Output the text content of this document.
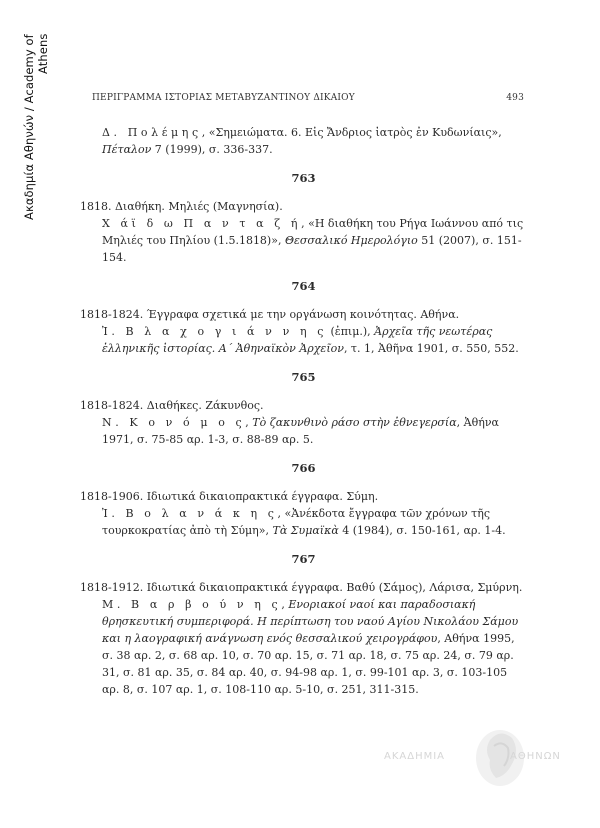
Ακαδημία Αθηνών / Academy of Athens
ΠΕΡΙΓΡΑΜΜΑ ΙΣΤΟΡΙΑΣ ΜΕΤΑΒΥΖΑΝΤΙΝΟΥ ΔΙΚΑΙΟΥ	493
Δ. Πολέμης, «Σημειώματα. 6. Εἰς Ἄνδριος ἰατρὸς ἐν Κυδωνίαις», Πέταλον 7 (1999), σ. 336-337.
763
1818. Διαθήκη. Μηλιές (Μαγνησία).
Χ άϊ δ ω Π α ν τ α ζ ή, «Η διαθήκη του Ρήγα Ιωάννου από τις Μηλιές του Πηλίου (1.5.1818)», Θεσσαλικό Ημερολόγιο 51 (2007), σ. 151-154.
764
1818-1824. Έγγραφα σχετικά με την οργάνωση κοινότητας. Αθήνα.
Ἰ. Β λ α χ ο γ ι ά ν ν η ς (ἐπιμ.), Ἀρχεῖα τῆς νεωτέρας ἑλληνικῆς ἱστορίας. Α΄ Ἀθηναϊκὸν Ἀρχεῖον, τ. 1, Ἀθῆνα 1901, σ. 550, 552.
765
1818-1824. Διαθήκες. Ζάκυνθος.
Ν. Κ ο ν ό μ ο ς, Τὸ ζακυνθινὸ ράσο στὴν ἐθνεγερσία, Ἀθήνα 1971, σ. 75-85 αρ. 1-3, σ. 88-89 αρ. 5.
766
1818-1906. Ιδιωτικά δικαιοπρακτικά έγγραφα. Σύμη.
Ἰ. Β ο λ α ν ά κ η ς, «Ἀνέκδοτα ἔγγραφα τῶν χρόνων τῆς τουρκοκρατίας ἀπὸ τὴ Σύμη», Τὰ Συμαϊκὰ 4 (1984), σ. 150-161, αρ. 1-4.
767
1818-1912. Ιδιωτικά δικαιοπρακτικά έγγραφα. Βαθύ (Σάμος), Λάρισα, Σμύρνη.
Μ. Β α ρ β ο ύ ν η ς, Ενοριακοί ναοί και παραδοσιακή θρησκευτική συμπεριφορά. Η περίπτωση του ναού Αγίου Νικολάου Σάμου και η λαογραφική ανάγνωση ενός θεσσαλικού χειρογράφου, Αθήνα 1995, σ. 38 αρ. 2, σ. 68 αρ. 10, σ. 70 αρ. 15, σ. 71 αρ. 18, σ. 75 αρ. 24, σ. 79 αρ. 31, σ. 81 αρ. 35, σ. 84 αρ. 40, σ. 94-98 αρ. 1, σ. 99-101 αρ. 3, σ. 103-105 αρ. 8, σ. 107 αρ. 1, σ. 108-110 αρ. 5-10, σ. 251, 311-315.
ΑΚΑΔΗΜΙΑ	ΑΘΗΝΩΝ
